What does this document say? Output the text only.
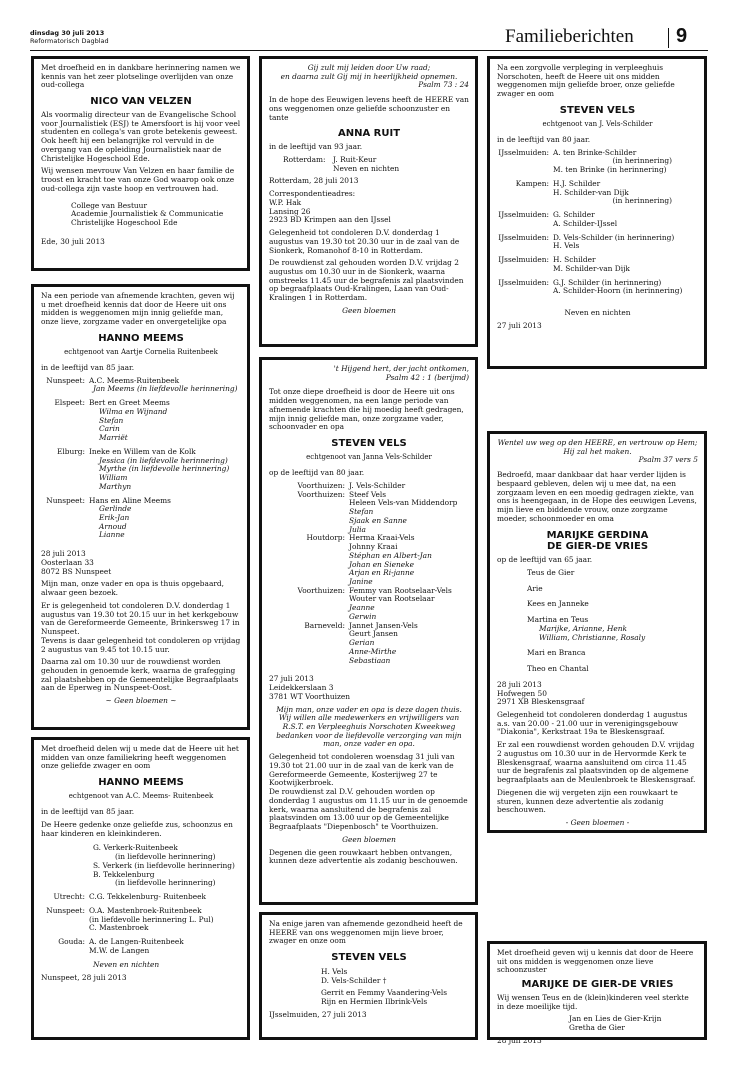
dinsdag 30 juli 2013
Reformatorisch Dagblad	Familieberichten 9

Met droefheid en in dankbare herinnering namen we kennis van het zeer plotselinge overlijden van onze oud-collega

NICO VAN VELZEN

Als voormalig directeur van de Evangelische School voor Journalistiek (ESJ) te Amersfoort is hij voor veel studenten en collega's van grote betekenis geweest. Ook heeft hij een belangrijke rol vervuld in de overgang van de opleiding Journalistiek naar de Christelijke Hogeschool Ede.

Wij wensen mevrouw Van Velzen en haar familie de troost en kracht toe van onze God waarop ook onze oud-collega zijn vaste hoop en vertrouwen had.

College van Bestuur
Academie Journalistiek & Communicatie
Christelijke Hogeschool Ede
Ede, 30 juli 2013

Na een periode van afnemende krachten, geven wij u met droefheid kennis dat door de Heere uit ons midden is weggenomen mijn innig geliefde man, onze lieve, zorgzame vader en onvergetelijke opa

HANNO MEEMS
echtgenoot van Aartje Cornelia Ruitenbeek

in de leeftijd van 85 jaar.

Nunspeet: A.C. Meems-Ruitenbeek
Jan Meems (in liefdevolle herinnering)
Elspeet: Bert en Greet Meems
Wilma en Wijnand
Stefan
Carin
Marriët
Elburg: Ineke en Willem van de Kolk
Jessica (in liefdevolle herinnering)
Myrthe (in liefdevolle herinnering)
William
Marthyn
Nunspeet: Hans en Aline Meems
Gerlinde
Erik-Jan
Arnoud
Lianne
28 juli 2013
Oosterlaan 33

8072 BS Nunspeet

Mijn man, onze vader en opa is thuis opgebaard, alwaar geen bezoek.

Er is gelegenheid tot condoleren D.V. donderdag 1 augustus van 19.30 tot 20.15 uur in het kerkgebouw van de Gereformeerde Gemeente, Brinkersweg 17 in Nunspeet.

Tevens is daar gelegenheid tot condoleren op vrijdag 2 augustus van 9.45 tot 10.15 uur.

Daarna zal om 10.30 uur de rouwdienst worden gehouden in genoemde kerk, waarna de grafegging zal plaatshebben op de Gemeentelijke Begraafplaats aan de Eperweg in Nunspeet-Oost.

~ Geen bloemen ~

Met droefheid delen wij u mede dat de Heere uit het midden van onze familiekring heeft weggenomen onze geliefde zwager en oom

HANNO MEEMS
echtgenoot van A.C. Meems- Ruitenbeek

in de leeftijd van 85 jaar.

De Heere gedenke onze geliefde zus, schoonzus en haar kinderen en kleinkinderen.

G. Verkerk-Ruitenbeek
(in liefdevolle herinnering)
S. Verkerk (in liefdevolle herinnering)
B. Tekkelenburg
(in liefdevolle herinnering)
Utrecht: C.G. Tekkelenburg- Ruitenbeek
Nunspeet: O.A. Mastenbroek-Ruitenbeek
(in liefdevolle herinnering L. Pul)
C. Mastenbroek
Gouda: A. de Langen-Ruitenbeek
M.W. de Langen
Neven en nichten
Nunspeet, 28 juli 2013
Gij zult mij leiden door Uw raad;
en daarna zult Gij mij in heerlijkheid opnemen.
Psalm 73 : 24

In de hope des Eeuwigen levens heeft de HEERE van ons weggenomen onze geliefde schoonzuster en tante

ANNA RUIT

in de leeftijd van 93 jaar.

Rotterdam:	J. Ruit-Keur

Neven en nichten

Rotterdam, 28 juli 2013

Correspondentieadres:
W.P. Hak
Lansing 26

2923 BD Krimpen aan den IJssel

Gelegenheid tot condoleren D.V. donderdag 1 augustus van 19.30 tot 20.30 uur in de zaal van de Sionkerk, Romanohof 8-10 in Rotterdam.

De rouwdienst zal gehouden worden D.V. vrijdag 2 augustus om 10.30 uur in de Sionkerk, waarna omstreeks 11.45 uur de begrafenis zal plaatsvinden op begraafplaats Oud-Kralingen, Laan van Oud-Kralingen 1 in Rotterdam.

Geen bloemen
't Hijgend hert, der jacht ontkomen,
Psalm 42 : 1 (berijmd)

Tot onze diepe droefheid is door de Heere uit ons midden weggenomen, na een lange periode van afnemende krachten die hij moedig heeft gedragen, mijn innig geliefde man, onze zorgzame vader, schoonvader en opa

STEVEN VELS
echtgenoot van Janna Vels-Schilder

op de leeftijd van 80 jaar.

Voorthuizen: J. Vels-Schilder
Voorthuizen: Steef Vels
Heleen Vels-van Middendorp
Stefan
Sjaak en Sanne
Julia
Houtdorp: Herma Kraai-Vels
Johnny Kraai
Stéphan en Albert-Jan
Johan en Sieneke
Arjan en Ri-janne
Janine
Voorthuizen: Femmy van Rootselaar-Vels
Wouter van Rootselaar
Jeanne
Gerwin
Barneveld: Jannet Jansen-Vels
Geurt Jansen
Gerian
Anne-Mirthe
Sebastiaan
27 juli 2013
Leidekkerslaan 3

3781 WT Voorthuizen

Mijn man, onze vader en opa is deze dagen thuis. Wij willen alle medewerkers en vrijwilligers van R.S.T. en Verpleeghuis Norschoten Kweekweg bedanken voor de liefdevolle verzorging van mijn man, onze vader en opa.

Gelegenheid tot condoleren woensdag 31 juli van 19.30 tot 21.00 uur in de zaal van de kerk van de Gereformeerde Gemeente, Kosterijweg 27 te Kootwijkerbroek.

De rouwdienst zal D.V. gehouden worden op donderdag 1 augustus om 11.15 uur in de genoemde kerk, waarna aansluitend de begrafenis zal plaatsvinden om 13.00 uur op de Gemeentelijke Begraafplaats "Diepenbosch" te Voorthuizen.

Geen bloemen

Degenen die geen rouwkaart hebben ontvangen, kunnen deze advertentie als zodanig beschouwen.

Na enige jaren van afnemende gezondheid heeft de HEERE van ons weggenomen mijn lieve broer, zwager en onze oom

STEVEN VELS
H. Vels

D. Vels-Schilder †

Gerrit en Femmy Vaandering-Vels

Rijn en Hermien Ilbrink-Vels

IJsselmuiden, 27 juli 2013

Na een zorgvolle verpleging in verpleeghuis Norschoten, heeft de Heere uit ons midden weggenomen mijn geliefde broer, onze geliefde zwager en oom

STEVEN VELS
echtgenoot van J. Vels-Schilder

in de leeftijd van 80 jaar.

IJsselmuiden: A. ten Brinke-Schilder
(in herinnering)
M. ten Brinke (in herinnering)
Kampen: H.J. Schilder
H. Schilder-van Dijk
(in herinnering)
IJsselmuiden: G. Schilder
A. Schilder-IJssel
IJsselmuiden: D. Vels-Schilder (in herinnering)
H. Vels
IJsselmuiden: H. Schilder
M. Schilder-van Dijk
IJsselmuiden: G.J. Schilder (in herinnering)
A. Schilder-Hoorn (in herinnering)

Neven en nichten

27 juli 2013
Wentel uw weg op den HEERE, en vertrouw op Hem; Hij zal het maken.
Psalm 37 vers 5

Bedroefd, maar dankbaar dat haar verder lijden is bespaard gebleven, delen wij u mee dat, na een zorgzaam leven en een moedig gedragen ziekte, van ons is heengegaan, in de Hope des eeuwigen Levens, mijn lieve en biddende vrouw, onze zorgzame moeder, schoonmoeder en oma

MARIJKE GERDINA
DE GIER-DE VRIES

op de leeftijd van 65 jaar.

Teus de Gier

Arie

Kees en Janneke

Martina en Teus
Marijke, Arianne, Henk

William, Christianne, Rosaly

Mari en Branca

Theo en Chantal

28 juli 2013
Hofwegen 50

2971 XB Bleskensgraaf

Gelegenheid tot condoleren donderdag 1 augustus a.s. van 20.00 - 21.00 uur in verenigingsgebouw "Diakonia", Kerkstraat 19a te Bleskensgraaf.

Er zal een rouwdienst worden gehouden D.V. vrijdag 2 augustus om 10.30 uur in de Hervormde Kerk te Bleskensgraaf, waarna aansluitend om circa 11.45 uur de begrafenis zal plaatsvinden op de algemene begraafplaats aan de Meulenbroek te Bleskensgraaf.

Diegenen die wij vergeten zijn een rouwkaart te sturen, kunnen deze advertentie als zodanig beschouwen.

- Geen bloemen -

Met droefheid geven wij u kennis dat door de Heere uit ons midden is weggenomen onze lieve schoonzuster

MARIJKE DE GIER-DE VRIES

Wij wensen Teus en de (klein)kinderen veel sterkte in deze moeilijke tijd.

Jan en Lies de Gier-Krijn

Gretha de Gier

28 juli 2013
